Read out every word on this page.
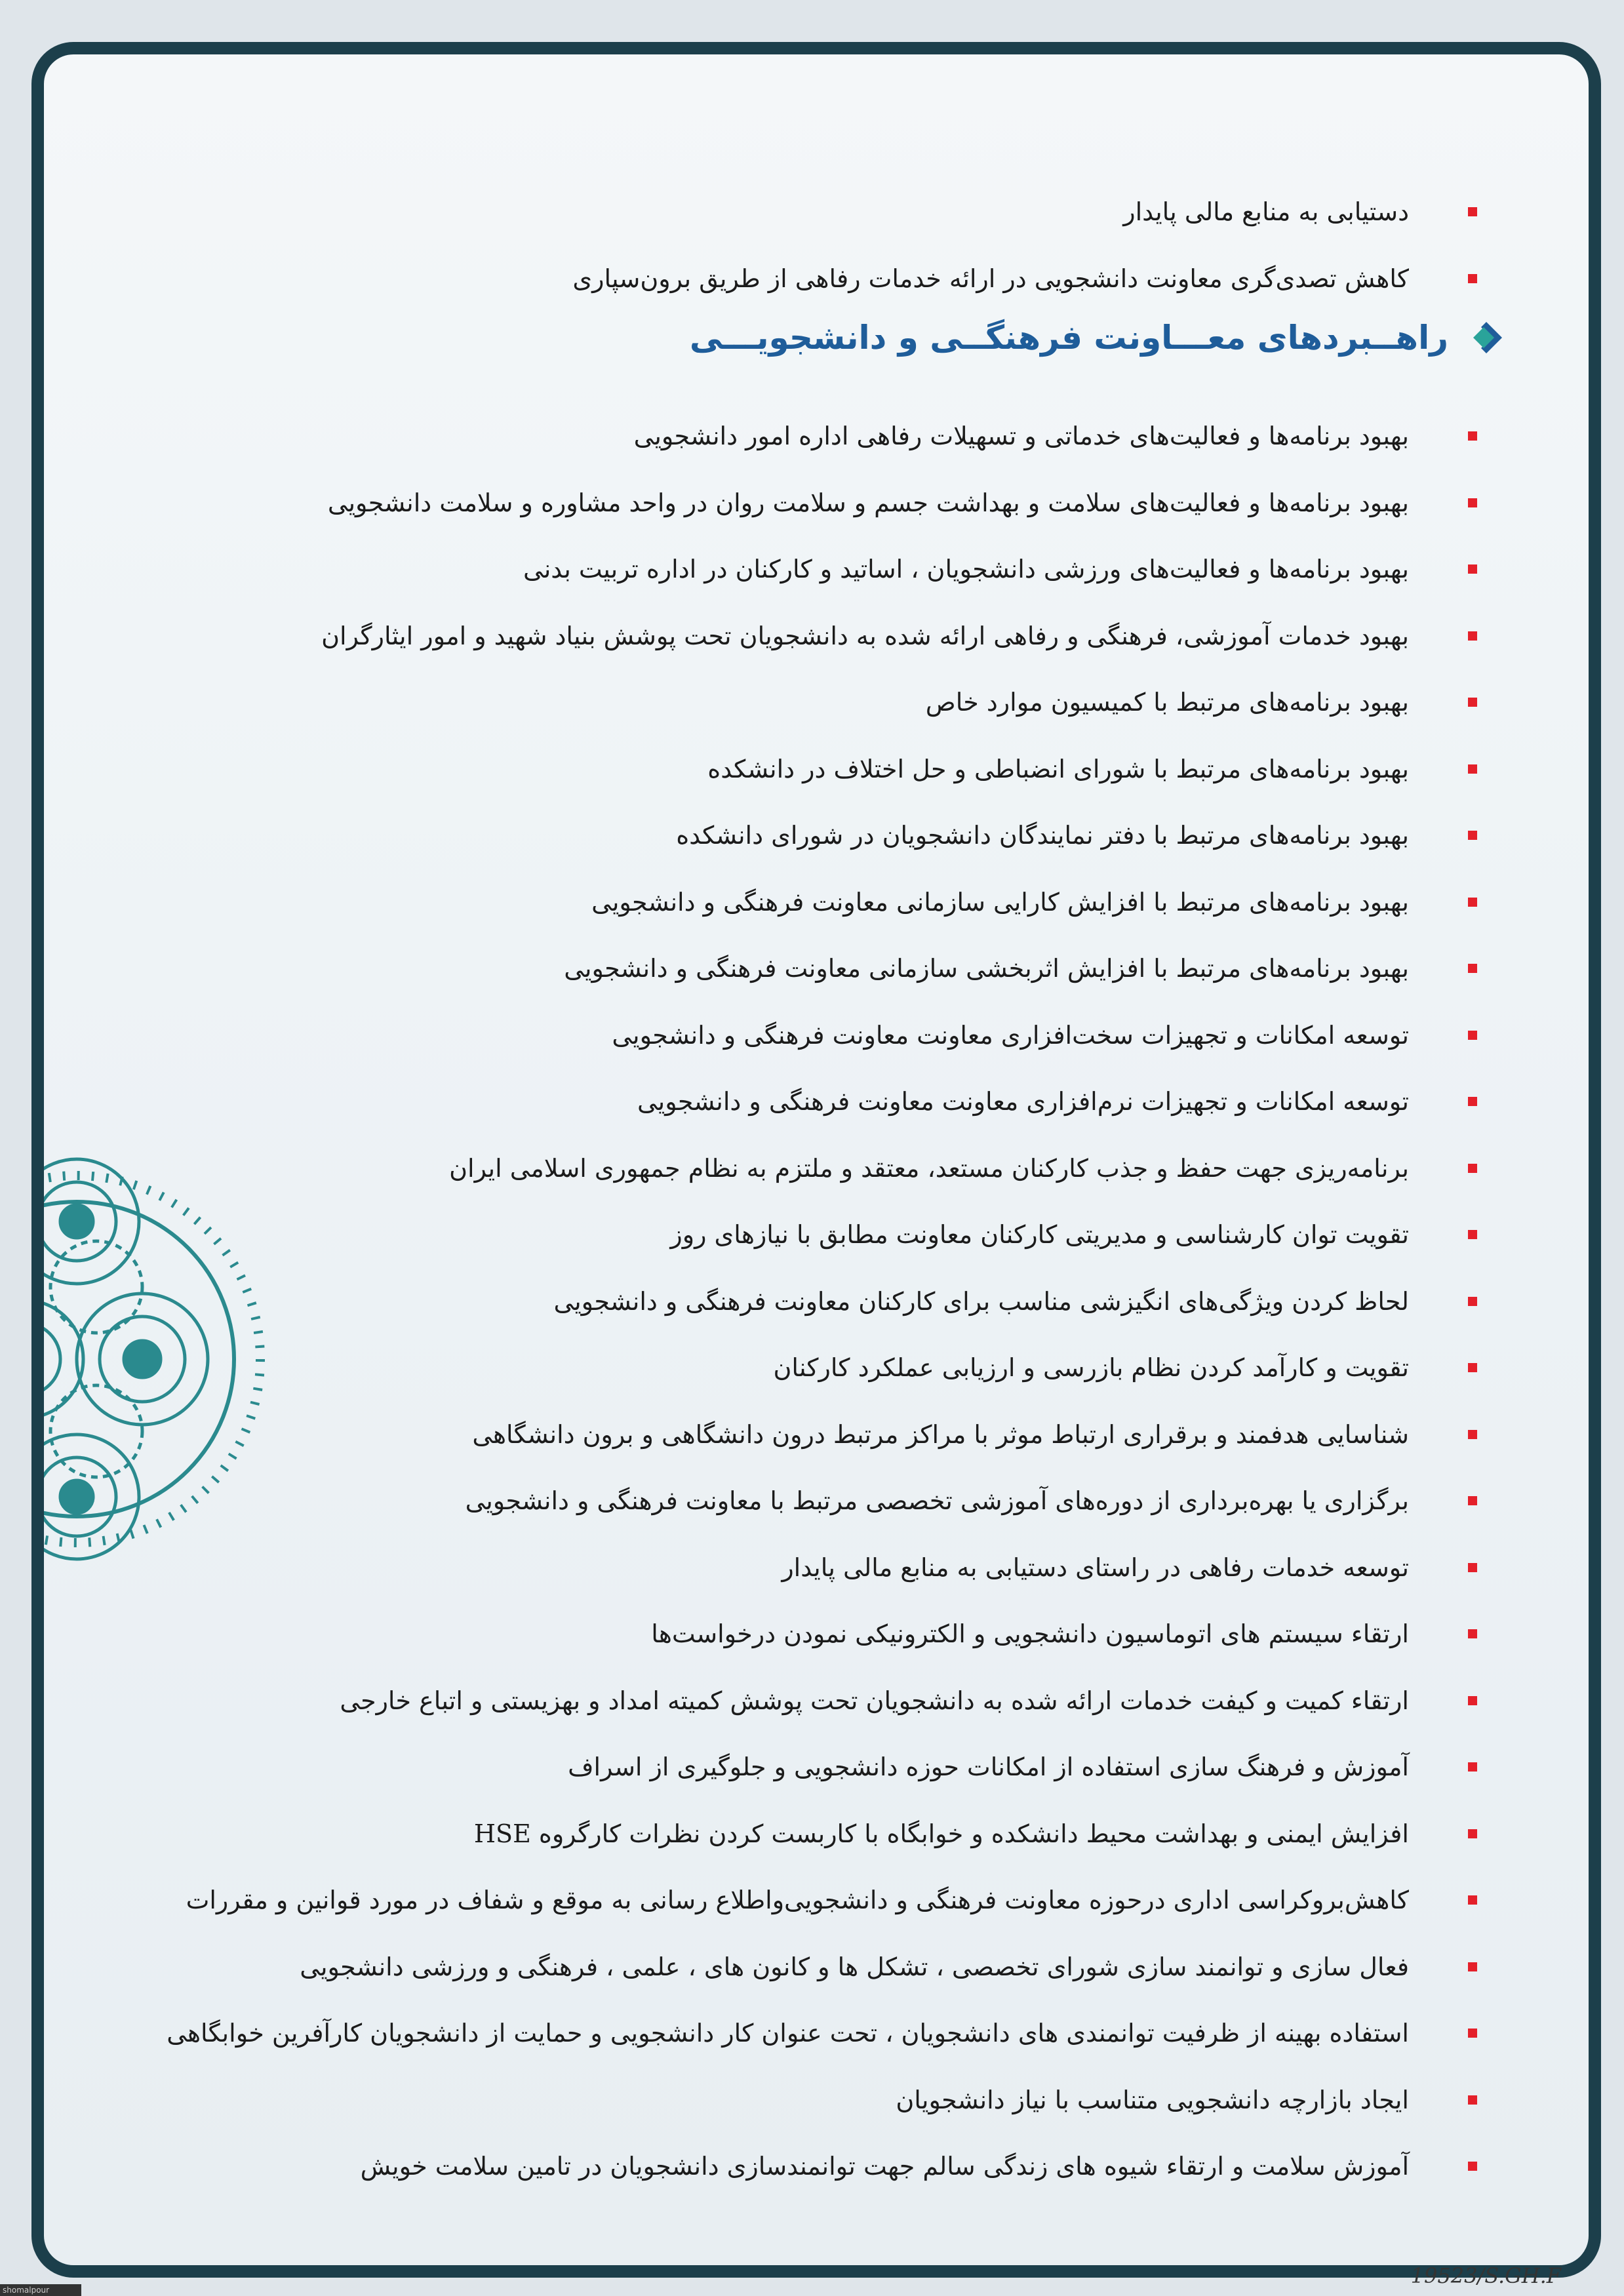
دستیابی به منابع مالی پایدار
کاهش تصدی‌گری معاونت دانشجویی در ارائه خدمات رفاهی از طریق برون‌سپاری
راهــبردهای معـــاونت فرهنگــی و دانشجویـــی
بهبود برنامه‌ها و فعالیت‌های خدماتی و تسهیلات رفاهی اداره امور دانشجویی
بهبود برنامه‌ها و فعالیت‌های سلامت و بهداشت جسم و سلامت روان در واحد مشاوره و سلامت دانشجویی
بهبود برنامه‌ها و فعالیت‌های ورزشی دانشجویان ، اساتید و کارکنان در اداره تربیت بدنی
بهبود خدمات آموزشی، فرهنگی و رفاهی ارائه شده به دانشجویان تحت پوشش بنیاد شهید و امور ایثارگران
بهبود برنامه‌های مرتبط با کمیسیون موارد خاص
بهبود برنامه‌های مرتبط با شورای انضباطی و حل اختلاف در دانشکده
بهبود برنامه‌های مرتبط با دفتر نمایندگان دانشجویان در شورای دانشکده
بهبود برنامه‌های مرتبط با افزایش کارایی سازمانی معاونت فرهنگی و دانشجویی
بهبود برنامه‌های مرتبط با افزایش اثربخشی سازمانی معاونت فرهنگی و دانشجویی
توسعه امکانات و تجهیزات سخت‌افزاری معاونت معاونت فرهنگی و دانشجویی
توسعه امکانات و تجهیزات نرم‌افزاری معاونت معاونت فرهنگی و دانشجویی
برنامه‌ریزی جهت حفظ و جذب کارکنان مستعد، معتقد و ملتزم به نظام جمهوری اسلامی ایران
تقویت توان کارشناسی و مدیریتی کارکنان معاونت مطابق با نیازهای روز
لحاظ کردن ویژگی‌های انگیزشی مناسب برای کارکنان معاونت فرهنگی و دانشجویی
تقویت و کارآمد کردن نظام بازرسی و ارزیابی عملکرد کارکنان
شناسایی هدفمند و برقراری ارتباط موثر با مراکز مرتبط درون دانشگاهی و برون دانشگاهی
برگزاری یا بهره‌برداری از دوره‌های آموزشی تخصصی مرتبط با معاونت فرهنگی و دانشجویی
توسعه خدمات رفاهی در راستای دستیابی به منابع مالی پایدار
ارتقاء سیستم های اتوماسیون دانشجویی و الکترونیکی نمودن درخواست‌ها
ارتقاء کمیت و کیفت خدمات ارائه شده به دانشجویان تحت پوشش کمیته امداد و بهزیستی و اتباع خارجی
آموزش و فرهنگ سازی استفاده از امکانات حوزه دانشجویی و جلوگیری از اسراف
افزایش ایمنی و بهداشت محیط دانشکده و خوابگاه با کاربست کردن نظرات کارگروه HSE
کاهش‌بروکراسی اداری درحوزه معاونت فرهنگی و دانشجویی‌واطلاع رسانی به موقع و شفاف در مورد قوانین و مقررات
فعال سازی و توانمند سازی شورای تخصصی ، تشکل ها و کانون های ، علمی ، فرهنگی و ورزشی دانشجویی
استفاده بهینه از ظرفیت توانمندی های دانشجویان ، تحت عنوان کار دانشجویی و حمایت از دانشجویان کارآفرین خوابگاهی
ایجاد بازارچه دانشجویی متناسب با نیاز دانشجویان
آموزش سلامت و ارتقاء شیوه های زندگی سالم جهت توانمندسازی دانشجویان در تامین سلامت خویش
19523/S.GH.F
shomalpour
